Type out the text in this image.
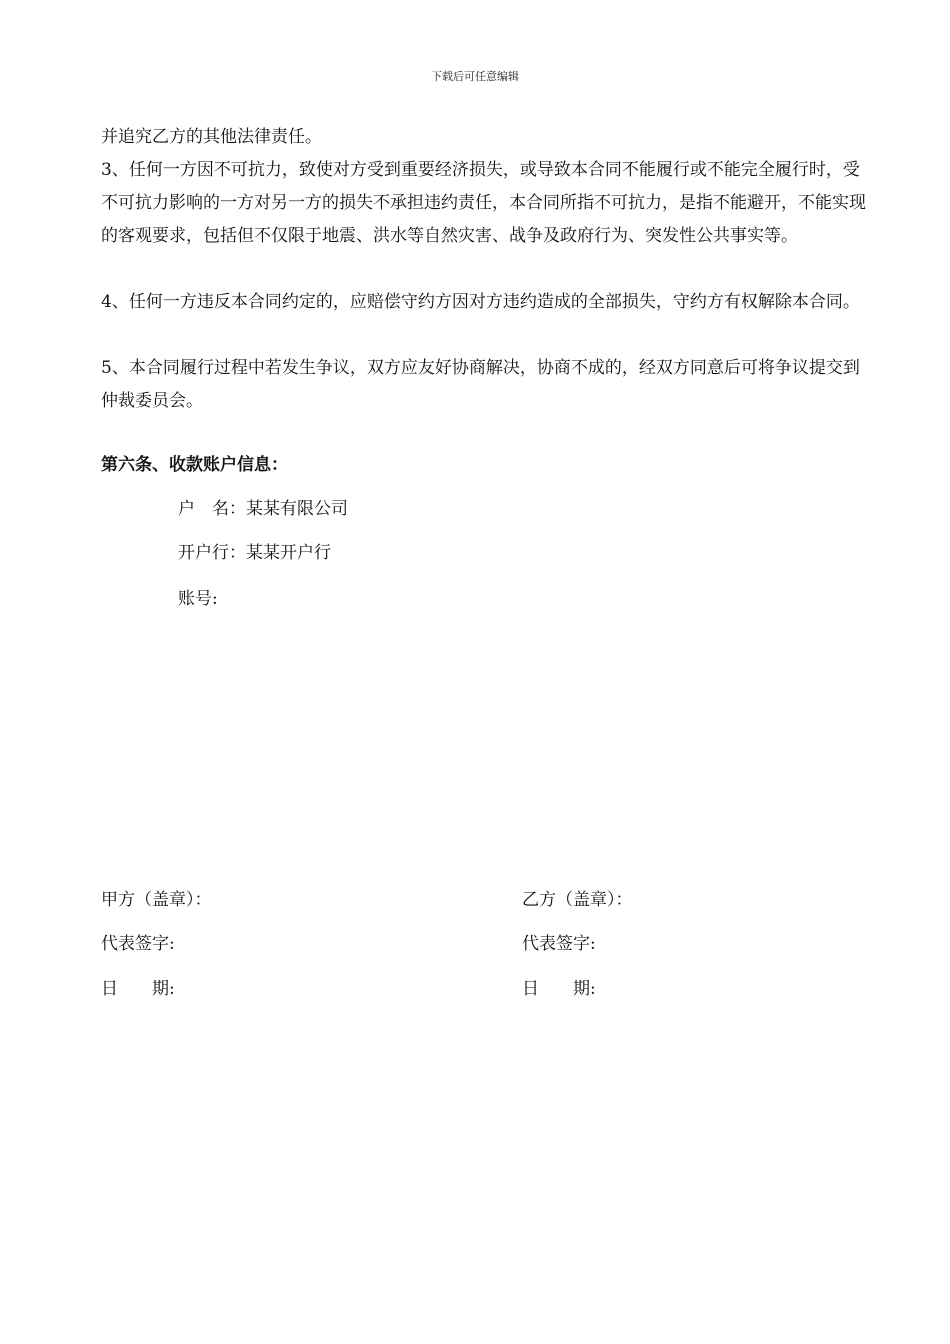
下载后可任意编辑
并追究乙方的其他法律责任。
3、任何一方因不可抗力，致使对方受到重要经济损失，或导致本合同不能履行或不能完全履行时，受不可抗力影响的一方对另一方的损失不承担违约责任，本合同所指不可抗力，是指不能避开，不能实现的客观要求，包括但不仅限于地震、洪水等自然灾害、战争及政府行为、突发性公共事实等。
4、任何一方违反本合同约定的，应赔偿守约方因对方违约造成的全部损失，守约方有权解除本合同。
5、本合同履行过程中若发生争议，双方应友好协商解决，协商不成的，经双方同意后可将争议提交到仲裁委员会。
第六条、收款账户信息：
户　名：某某有限公司
开户行：某某开户行
账号:
甲方（盖章）：
代表签字:
日　　期:
乙方（盖章）：
代表签字:
日　　期:
